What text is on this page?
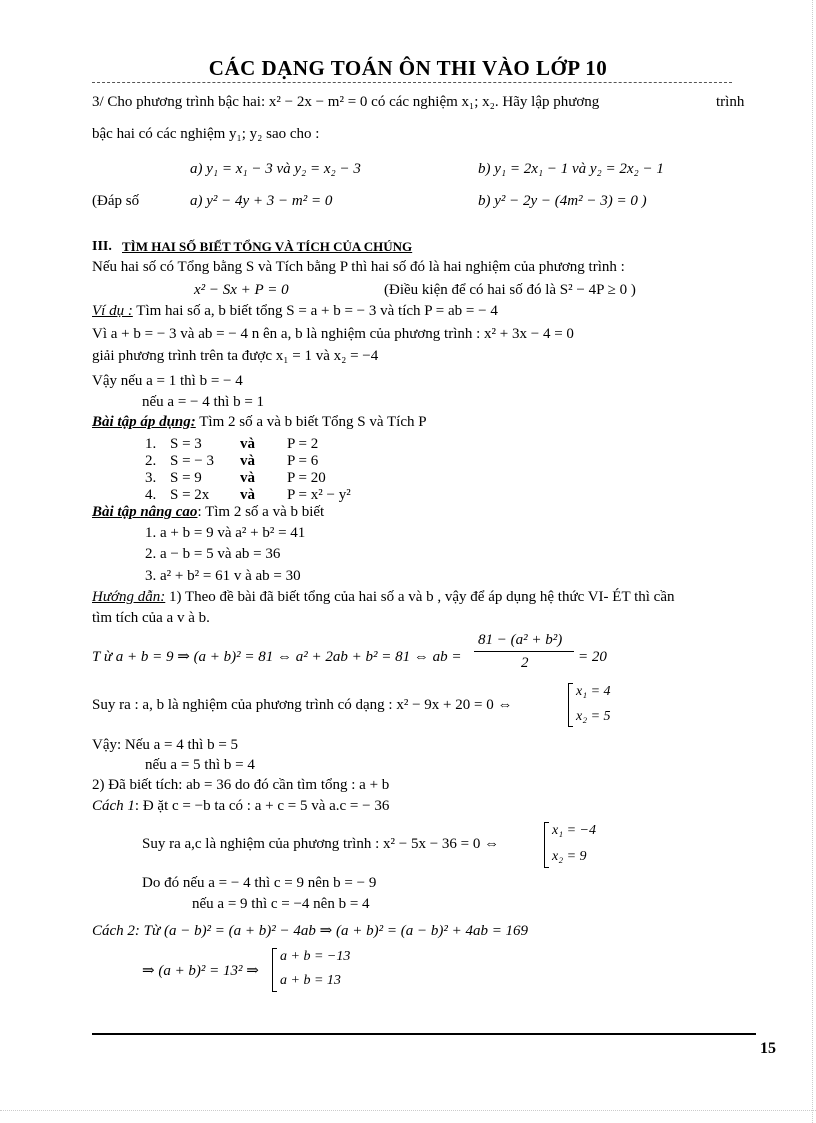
CÁC DẠNG TOÁN ÔN THI VÀO LỚP 10
3/ Cho phương trình bậc hai: x² − 2x − m² = 0 có các nghiệm x₁; x₂. Hãy lập phương	trình
bậc hai có các nghiệm y₁; y₂ sao cho :
a) y₁ = x₁ − 3 và y₂ = x₂ − 3	b) y₁ = 2x₁ − 1 và y₂ = 2x₂ − 1
(Đáp số	a) y² − 4y + 3 − m² = 0	b) y² − 2y − (4m² − 3) = 0 )
III. TÌM HAI SỐ BIẾT TỔNG VÀ TÍCH CỦA CHÚNG
Nếu hai số có Tổng bằng S và Tích bằng P thì hai số đó là hai nghiệm của phương trình :
x² − Sx + P = 0	(Điều kiện để có hai số đó là S² − 4P ≥ 0 )
Ví dụ : Tìm hai số a, b biết tổng S = a + b = − 3 và tích P = ab = − 4
Vì a + b = − 3 và ab = − 4 n ên a, b là nghiệm của phương trình : x² + 3x − 4 = 0
giải phương trình trên ta được x₁ = 1 và x₂ = −4
Vậy nếu a = 1 thì b = − 4
nếu a = − 4 thì b = 1
Bài tập áp dụng: Tìm 2 số a và b biết Tổng S và Tích P
1. S = 3	và P = 2
2. S = − 3 và P = 6
3. S = 9	và P = 20
4. S = 2x và P = x² − y²
Bài tập nâng cao: Tìm 2 số a và b biết
1. a + b = 9 và a² + b² = 41
2. a − b = 5 và ab = 36
3. a² + b² = 61 v à ab = 30
Hướng dẫn: 1) Theo đề bài đã biết tổng của hai số a và b , vậy để áp dụng hệ thức VI- ÉT thì cần
tìm tích của a v à b.
T ừ a + b = 9 ⇒ (a + b)² = 81 ⇔ a² + 2ab + b² = 81 ⇔ ab =
81 − (a² + b²)
2	= 20
Suy ra : a, b là nghiệm của phương trình có dạng : x² − 9x + 20 = 0 ⇔
x₁ = 4
x₂ = 5
Vậy: Nếu a = 4 thì b = 5
nếu a = 5 thì b = 4
2) Đã biết tích: ab = 36 do đó cần tìm tổng : a + b
Cách 1: Đ ặt c = −b ta có : a + c = 5 và a.c = − 36
Suy ra a,c là nghiệm của phương trình : x² − 5x − 36 = 0 ⇔
x₁ = −4
x₂ = 9
Do đó nếu a = − 4 thì c = 9 nên b = − 9
nếu a = 9 thì c = −4 nên b = 4
Cách 2: Từ (a − b)² = (a + b)² − 4ab ⇒ (a + b)² = (a − b)² + 4ab = 169
⇒ (a + b)² = 13² ⇒
a + b = −13
a + b = 13
15
